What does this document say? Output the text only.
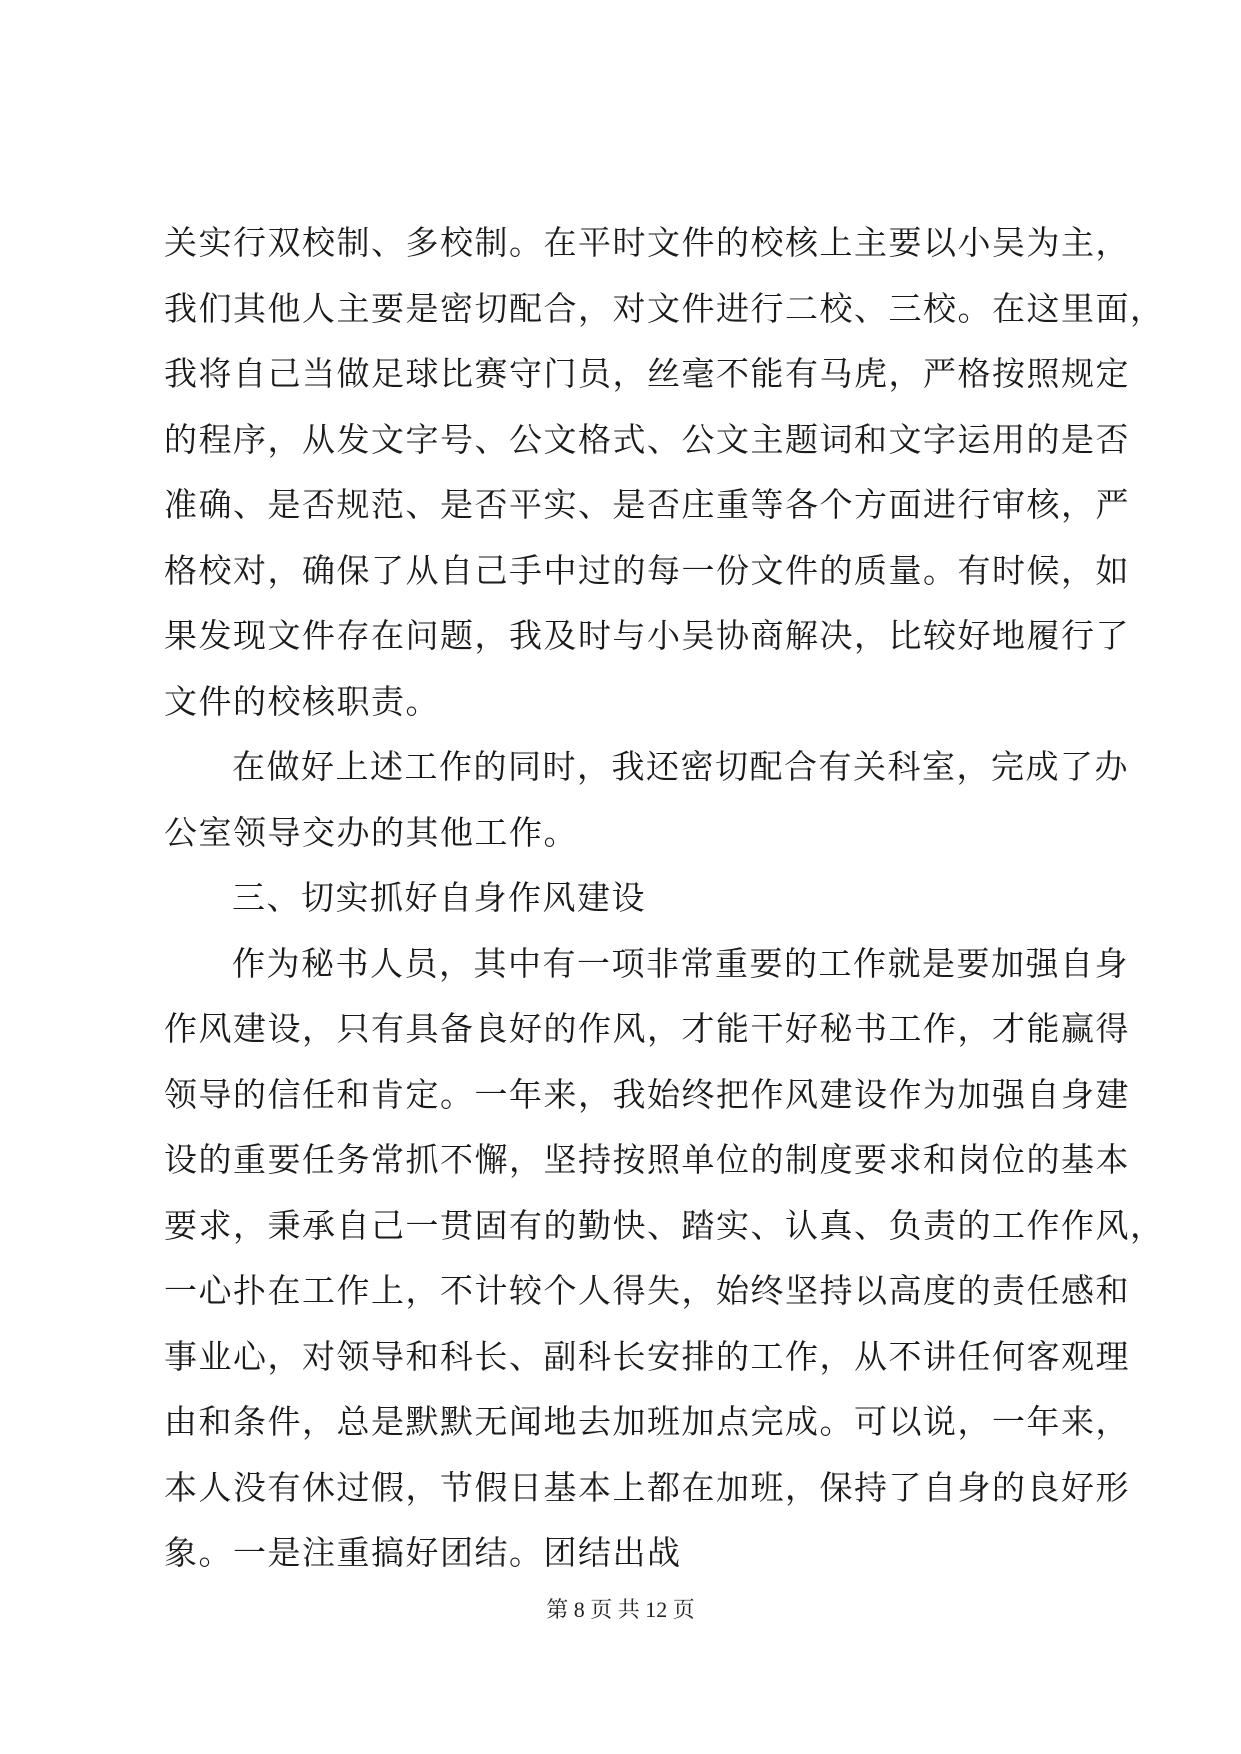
关实行双校制、多校制。在平时文件的校核上主要以小吴为主，
我们其他人主要是密切配合，对文件进行二校、三校。在这里面，
我将自己当做足球比赛守门员，丝毫不能有马虎，严格按照规定
的程序，从发文字号、公文格式、公文主题词和文字运用的是否
准确、是否规范、是否平实、是否庄重等各个方面进行审核，严
格校对，确保了从自己手中过的每一份文件的质量。有时候，如
果发现文件存在问题，我及时与小吴协商解决，比较好地履行了
文件的校核职责。
在做好上述工作的同时，我还密切配合有关科室，完成了办
公室领导交办的其他工作。
三、切实抓好自身作风建设
作为秘书人员，其中有一项非常重要的工作就是要加强自身
作风建设，只有具备良好的作风，才能干好秘书工作，才能赢得
领导的信任和肯定。一年来，我始终把作风建设作为加强自身建
设的重要任务常抓不懈，坚持按照单位的制度要求和岗位的基本
要求，秉承自己一贯固有的勤快、踏实、认真、负责的工作作风，
一心扑在工作上，不计较个人得失，始终坚持以高度的责任感和
事业心，对领导和科长、副科长安排的工作，从不讲任何客观理
由和条件，总是默默无闻地去加班加点完成。可以说，一年来，
本人没有休过假，节假日基本上都在加班，保持了自身的良好形
象。一是注重搞好团结。团结出战
第 8 页 共 12 页
